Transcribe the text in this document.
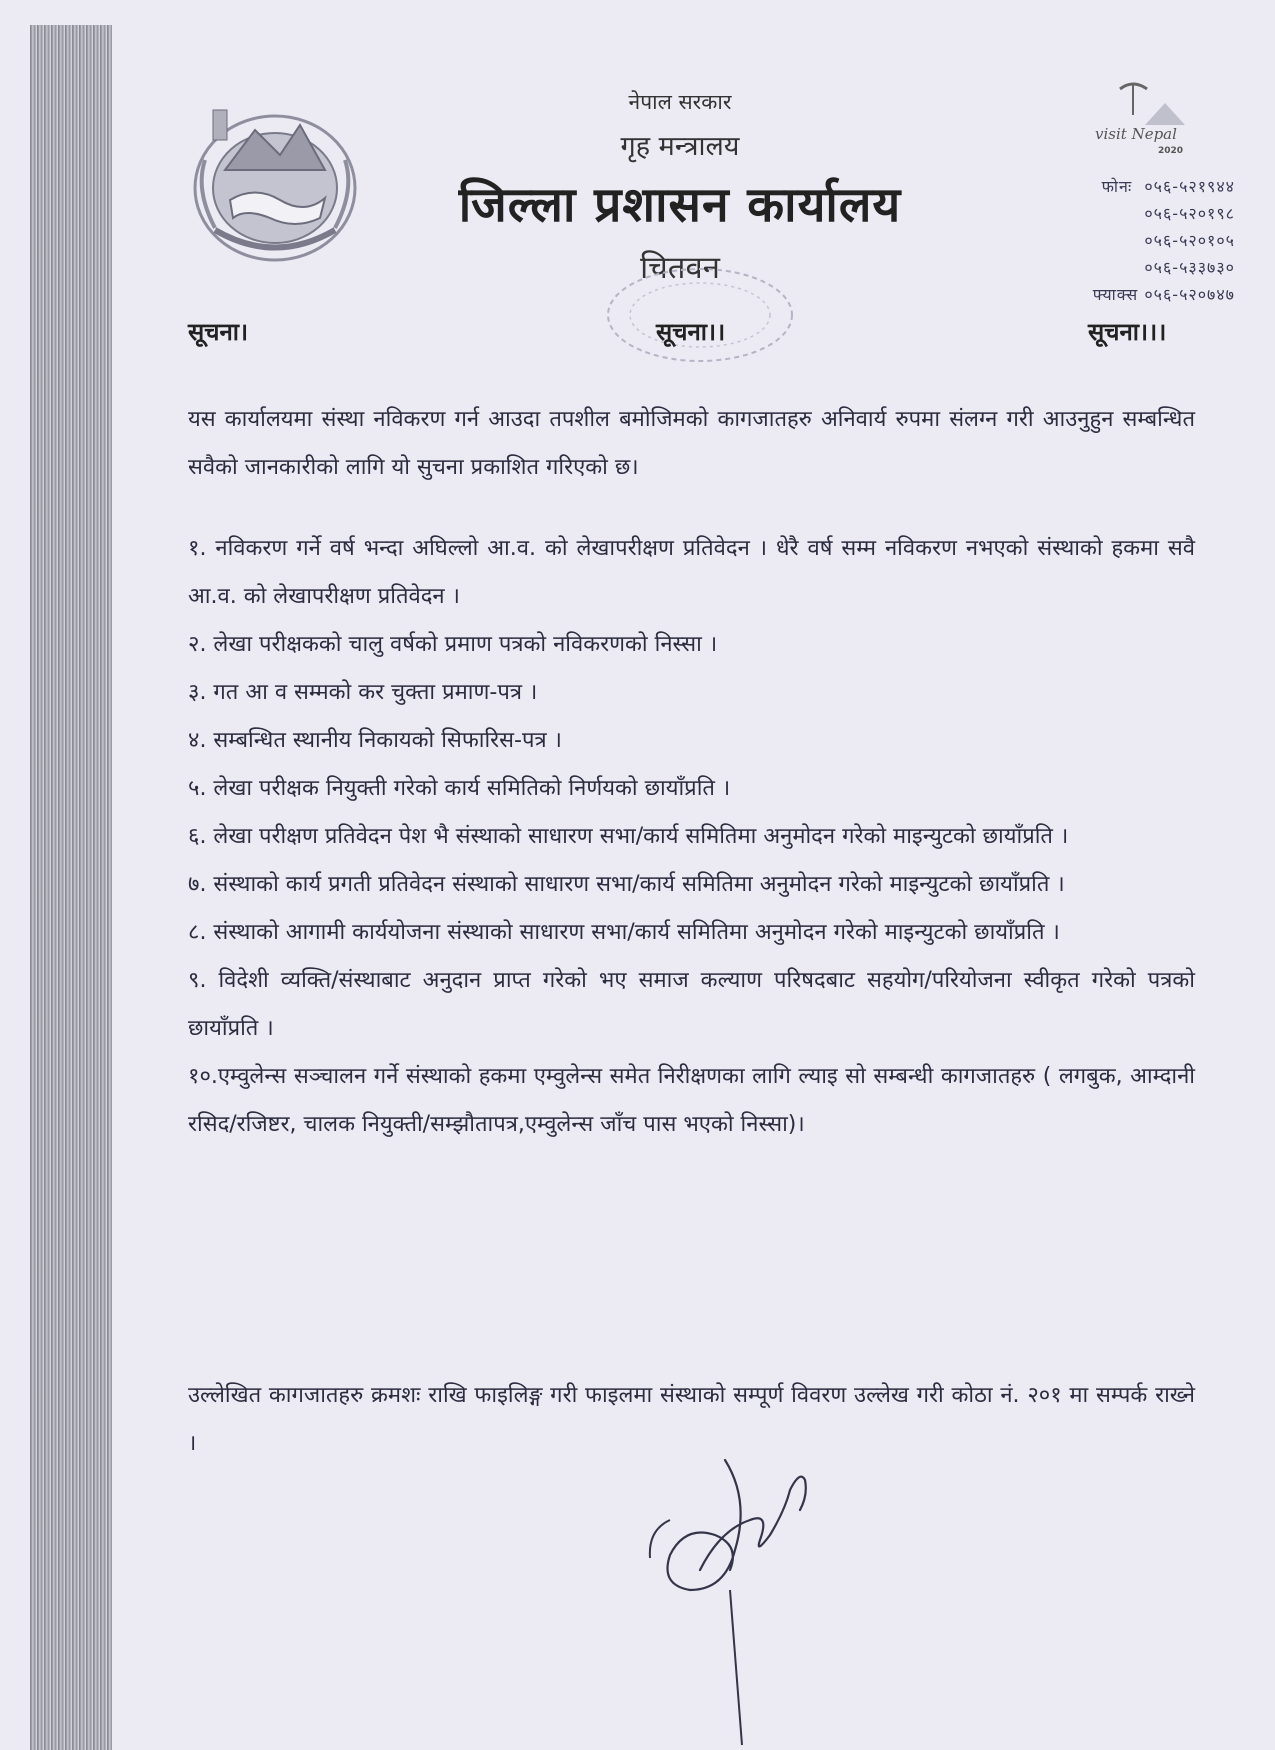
नेपाल सरकार
गृह मन्त्रालय
जिल्ला प्रशासन कार्यालय
चितवन
visit Nepal
2020
फोनः ०५६-५२१९४४
०५६-५२०१९८
०५६-५२०१०५
०५६-५३३७३०
फ्याक्स ०५६-५२०७४७
सूचना।	सूचना।।	सूचना।।।
यस कार्यालयमा संस्था नविकरण गर्न आउदा तपशील बमोजिमको कागजातहरु अनिवार्य रुपमा संलग्न गरी आउनुहुन सम्बन्धित सवैको जानकारीको लागि यो सुचना प्रकाशित गरिएको छ।

१. नविकरण गर्ने वर्ष भन्दा अघिल्लो आ.व. को लेखापरीक्षण प्रतिवेदन । धेरै वर्ष सम्म नविकरण नभएको संस्थाको हकमा सवै आ.व. को लेखापरीक्षण प्रतिवेदन ।

२. लेखा परीक्षकको चालु वर्षको प्रमाण पत्रको नविकरणको निस्सा ।

३. गत आ व सम्मको कर चुक्ता प्रमाण-पत्र ।

४. सम्बन्धित स्थानीय निकायको सिफारिस-पत्र ।

५. लेखा परीक्षक नियुक्ती गरेको कार्य समितिको निर्णयको छायाँप्रति ।

६. लेखा परीक्षण प्रतिवेदन पेश भै संस्थाको साधारण सभा/कार्य समितिमा अनुमोदन गरेको माइन्युटको छायाँप्रति ।

७. संस्थाको कार्य प्रगती प्रतिवेदन संस्थाको साधारण सभा/कार्य समितिमा अनुमोदन गरेको माइन्युटको छायाँप्रति ।

८. संस्थाको आगामी कार्ययोजना संस्थाको साधारण सभा/कार्य समितिमा अनुमोदन गरेको माइन्युटको छायाँप्रति ।

९. विदेशी व्यक्ति/संस्थाबाट अनुदान प्राप्त गरेको भए समाज कल्याण परिषदबाट सहयोग/परियोजना स्वीकृत गरेको पत्रको छायाँप्रति ।

१०.एम्वुलेन्स सञ्चालन गर्ने संस्थाको हकमा एम्वुलेन्स समेत निरीक्षणका लागि ल्याइ सो सम्बन्धी कागजातहरु ( लगबुक, आम्दानी रसिद/रजिष्टर, चालक नियुक्ती/सम्झौतापत्र,एम्वुलेन्स जाँच पास भएको निस्सा)।

उल्लेखित कागजातहरु क्रमशः राखि फाइलिङ्ग गरी फाइलमा संस्थाको सम्पूर्ण विवरण उल्लेख गरी कोठा नं. २०१ मा सम्पर्क राख्ने ।
